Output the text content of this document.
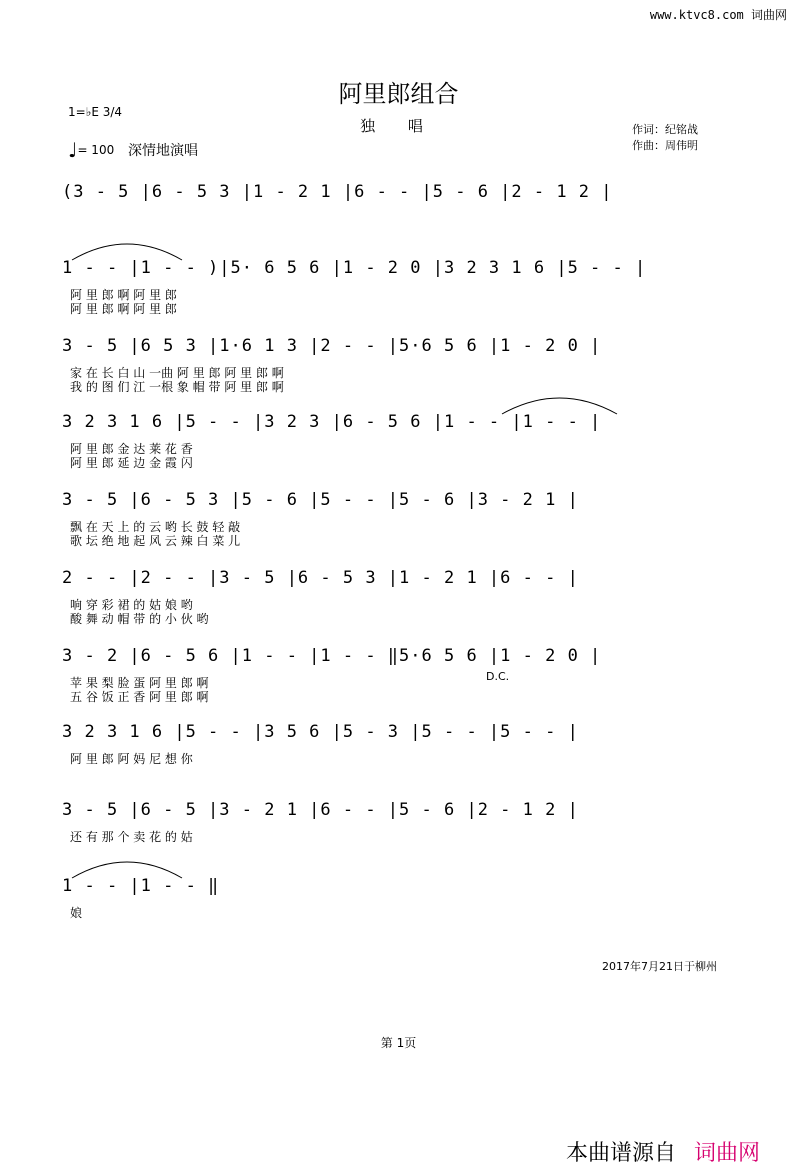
www.ktvc8.com 词曲网
阿里郎组合
独 唱
1=♭E 3/4
♩= 100 深情地演唱
作词：纪铭战
作曲：周伟明
(3 - 5 |6 - 5 3 |1 - 2 1 |6 - - |5 - 6 |2 - 1 2 |
1 - - |1 - - )|5· 6 5 6 |1 - 2 0 |3 2 3 1 6 |5 - - |
阿 里 郎 啊 阿 里 郎
阿 里 郎 啊 阿 里 郎
3 - 5 |6 5 3 |1·6 1 3 |2 - - |5·6 5 6 |1 - 2 0 |
家 在 长 白 山 一曲 阿 里 郎 阿 里 郎 啊
我 的 图 们 江 一根 象 帽 带 阿 里 郎 啊
3 2 3 1 6 |5 - - |3 2 3 |6 - 5 6 |1 - - |1 - - |
阿 里 郎 金 达 莱 花 香
阿 里 郎 延 边 金 霞 闪
3 - 5 |6 - 5 3 |5 - 6 |5 - - |5 - 6 |3 - 2 1 |
飘 在 天 上 的 云 哟 长 鼓 轻 敲
歌 坛 绝 地 起 风 云 辣 白 菜 儿
2 - - |2 - - |3 - 5 |6 - 5 3 |1 - 2 1 |6 - - |
响 穿 彩 裙 的 姑 娘 哟
酸 舞 动 帽 带 的 小 伙 哟
3 - 2 |6 - 5 6 |1 - - |1 - - ‖5·6 5 6 |1 - 2 0 |
苹 果 梨 脸 蛋 阿 里 郎 啊
五 谷 饭 正 香 阿 里 郎 啊
D.C.
3 2 3 1 6 |5 - - |3 5 6 |5 - 3 |5 - - |5 - - |
阿 里 郎 阿 妈 尼 想 你
3 - 5 |6 - 5 |3 - 2 1 |6 - - |5 - 6 |2 - 1 2 |
还 有 那 个 卖 花 的 姑
1 - - |1 - - ‖
娘
2017年7月21日于柳州
第 1页
本曲谱源自 词曲网
